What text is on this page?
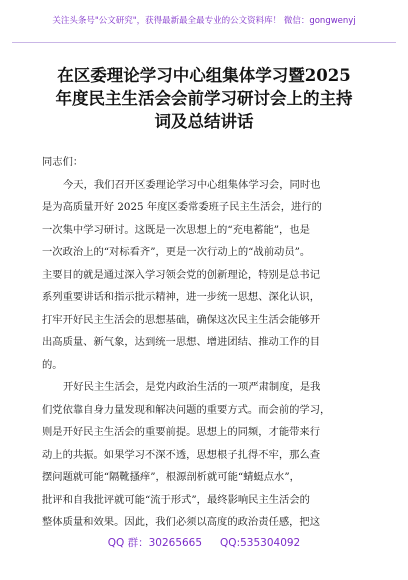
关注头条号"公文研究"，获得最新最全最专业的公文资料库！ 微信：gongwenyj
在区委理论学习中心组集体学习暨2025
年度民主生活会会前学习研讨会上的主持
词及总结讲话

同志们：

今天，我们召开区委理论学习中心组集体学习会，同时也
是为高质量开好 2025 年度区委常委班子民主生活会，进行的
一次集中学习研讨。这既是一次思想上的“充电蓄能”，也是
一次政治上的“对标看齐”，更是一次行动上的“战前动员”。
主要目的就是通过深入学习领会党的创新理论，特别是总书记
系列重要讲话和指示批示精神，进一步统一思想、深化认识，
打牢开好民主生活会的思想基础，确保这次民主生活会能够开
出高质量、新气象，达到统一思想、增进团结、推动工作的目
的。

开好民主生活会，是党内政治生活的一项严肃制度，是我
们党依靠自身力量发现和解决问题的重要方式。而会前的学习，
则是开好民主生活会的重要前提。思想上的同频，才能带来行
动上的共振。如果学习不深不透，思想根子扎得不牢，那么查
摆问题就可能“隔靴搔痒”，根源剖析就可能“蜻蜓点水”，
批评和自我批评就可能“流于形式”，最终影响民主生活会的
整体质量和效果。因此，我们必须以高度的政治责任感，把这

QQ 群：30265665 QQ:535304092
